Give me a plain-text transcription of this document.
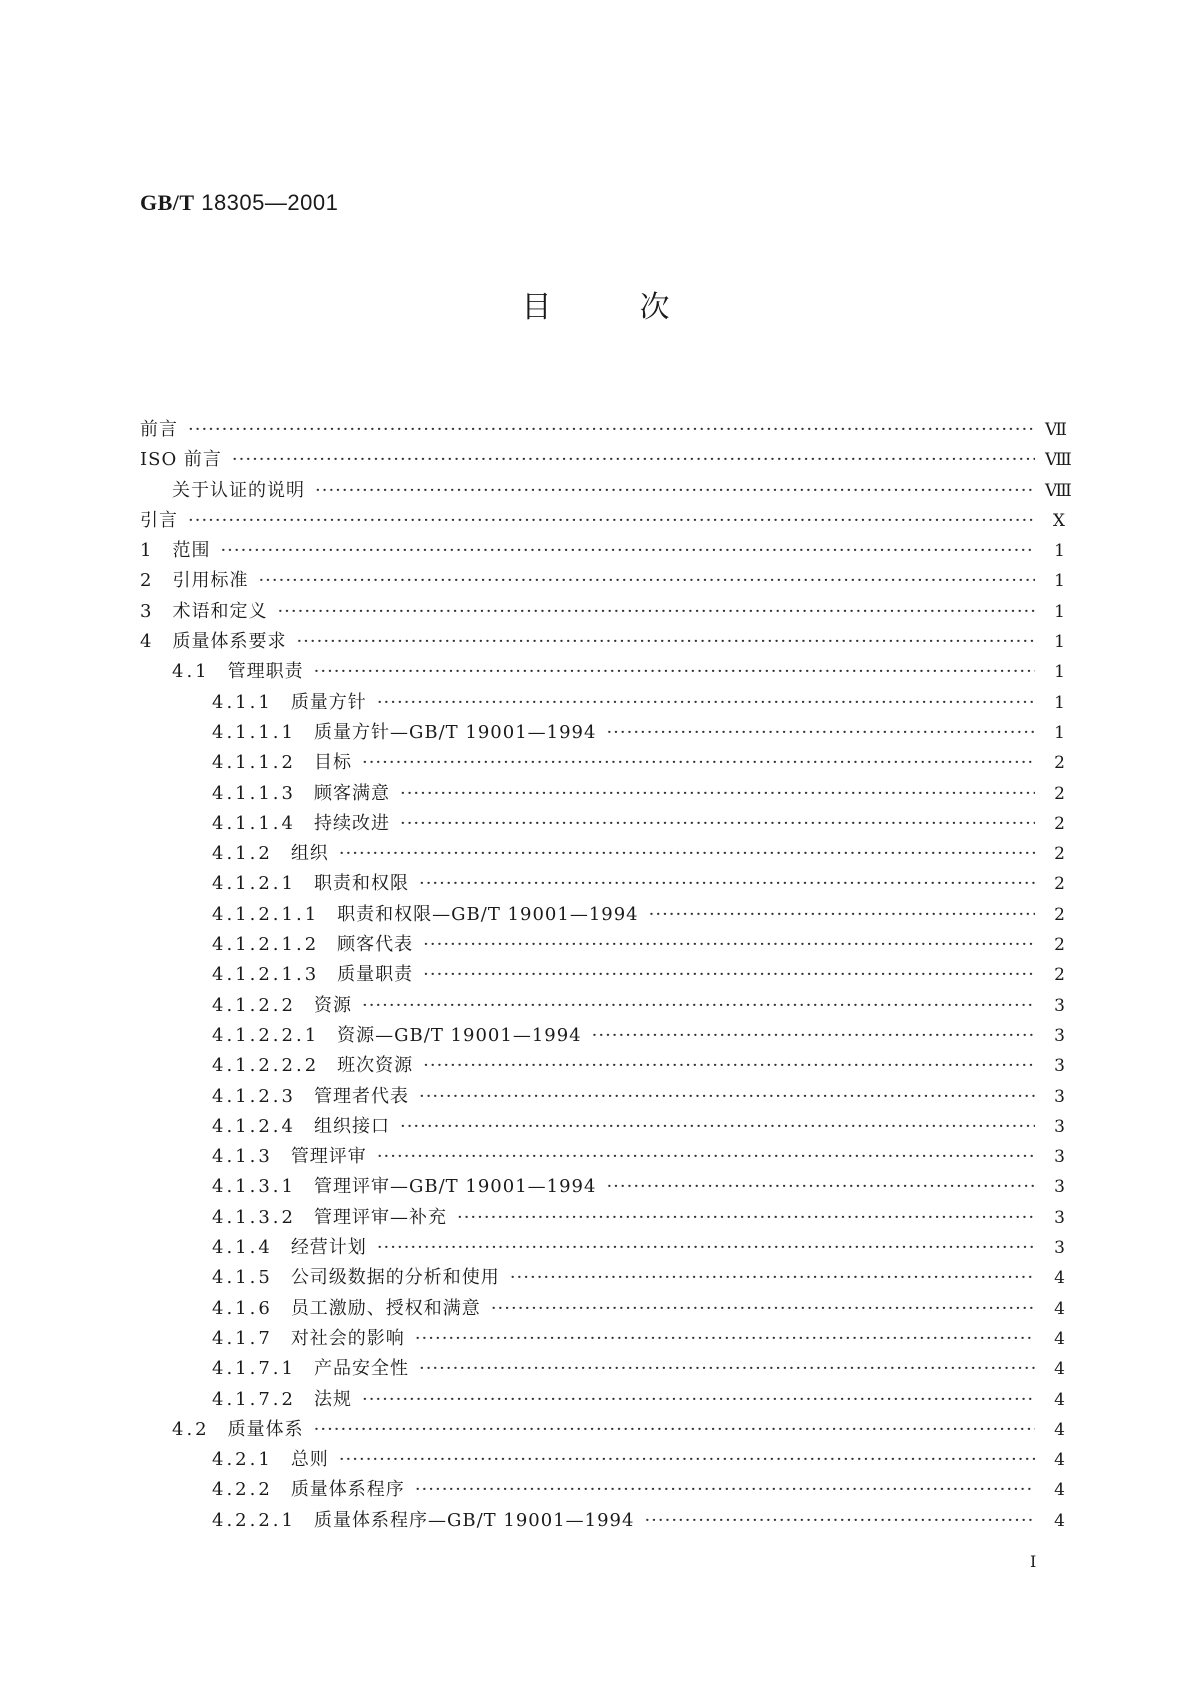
GB/T 18305—2001
目	次
前言 ·····	Ⅶ
ISO 前言 ·····	Ⅷ
关于认证的说明 ·····	Ⅷ
引言 ·····	Ⅹ
1 范围 ·····	1
2 引用标准 ·····	1
3 术语和定义 ·····	1
4 质量体系要求 ·····	1
4.1 管理职责 ·····	1
4.1.1 质量方针 ·····	1
4.1.1.1 质量方针—GB/T 19001—1994 ·····	1
4.1.1.2 目标 ·····	2
4.1.1.3 顾客满意 ·····	2
4.1.1.4 持续改进 ·····	2
4.1.2 组织 ·····	2
4.1.2.1 职责和权限 ·····	2
4.1.2.1.1 职责和权限—GB/T 19001—1994 ·····	2
4.1.2.1.2 顾客代表 ·····	2
4.1.2.1.3 质量职责 ·····	2
4.1.2.2 资源 ·····	3
4.1.2.2.1 资源—GB/T 19001—1994 ·····	3
4.1.2.2.2 班次资源 ·····	3
4.1.2.3 管理者代表 ·····	3
4.1.2.4 组织接口 ·····	3
4.1.3 管理评审 ·····	3
4.1.3.1 管理评审—GB/T 19001—1994 ·····	3
4.1.3.2 管理评审—补充 ·····	3
4.1.4 经营计划 ·····	3
4.1.5 公司级数据的分析和使用 ·····	4
4.1.6 员工激励、授权和满意 ·····	4
4.1.7 对社会的影响 ·····	4
4.1.7.1 产品安全性 ·····	4
4.1.7.2 法规 ·····	4
4.2 质量体系 ·····	4
4.2.1 总则 ·····	4
4.2.2 质量体系程序 ·····	4
4.2.2.1 质量体系程序—GB/T 19001—1994 ·····	4
Ⅰ
